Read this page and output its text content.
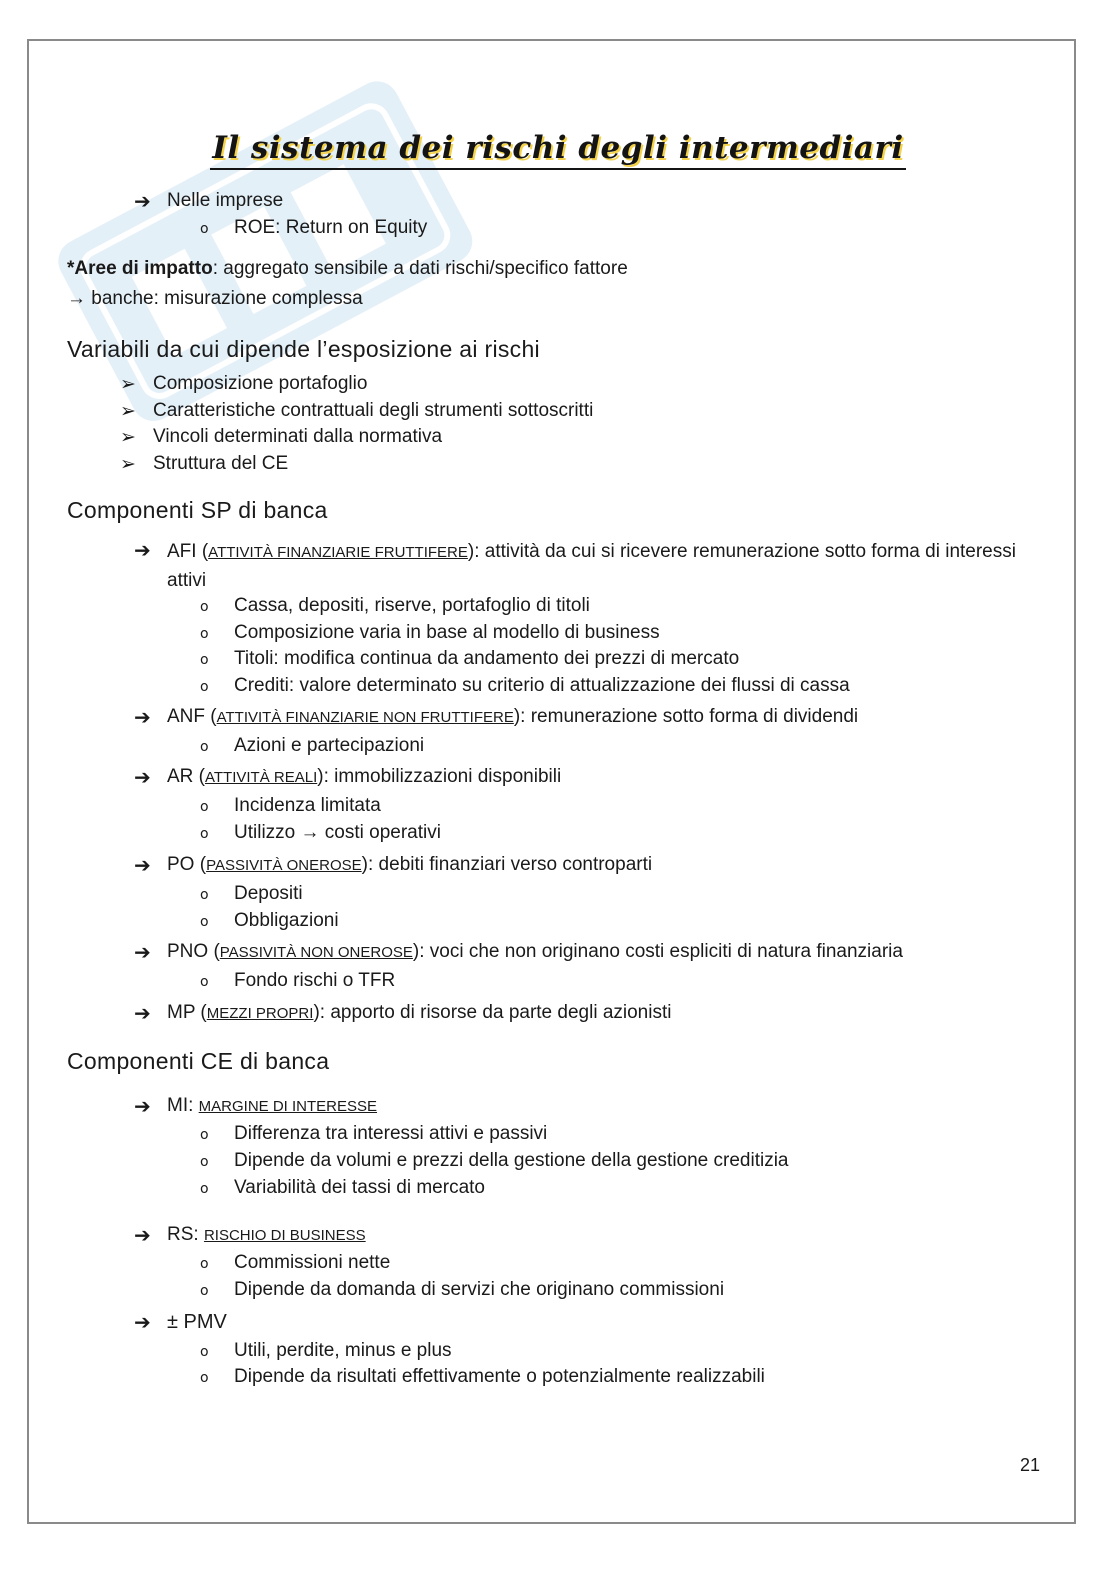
Il sistema dei rischi degli intermediari
➔ Nelle imprese
o ROE: Return on Equity
*Aree di impatto: aggregato sensibile a dati rischi/specifico fattore
→ banche: misurazione complessa
Variabili da cui dipende l’esposizione ai rischi
➢ Composizione portafoglio
➢ Caratteristiche contrattuali degli strumenti sottoscritti
➢ Vincoli determinati dalla normativa
➢ Struttura del CE
Componenti SP di banca
➔ AFI (ATTIVITÀ FINANZIARIE FRUTTIFERE): attività da cui si ricevere remunerazione sotto forma di interessi attivi
o Cassa, depositi, riserve, portafoglio di titoli
o Composizione varia in base al modello di business
o Titoli: modifica continua da andamento dei prezzi di mercato
o Crediti: valore determinato su criterio di attualizzazione dei flussi di cassa
➔ ANF (ATTIVITÀ FINANZIARIE NON FRUTTIFERE): remunerazione sotto forma di dividendi
o Azioni e partecipazioni
➔ AR (ATTIVITÀ REALI): immobilizzazioni disponibili
o Incidenza limitata
o Utilizzo → costi operativi
➔ PO (PASSIVITÀ ONEROSE): debiti finanziari verso controparti
o Depositi
o Obbligazioni
➔ PNO (PASSIVITÀ NON ONEROSE): voci che non originano costi espliciti di natura finanziaria
o Fondo rischi o TFR
➔ MP (MEZZI PROPRI): apporto di risorse da parte degli azionisti
Componenti CE di banca
➔ MI: MARGINE DI INTERESSE
o Differenza tra interessi attivi e passivi
o Dipende da volumi e prezzi della gestione della gestione creditizia
o Variabilità dei tassi di mercato
➔ RS: RISCHIO DI BUSINESS
o Commissioni nette
o Dipende da domanda di servizi che originano commissioni
➔ ± PMV
o Utili, perdite, minus e plus
o Dipende da risultati effettivamente o potenzialmente realizzabili
21
